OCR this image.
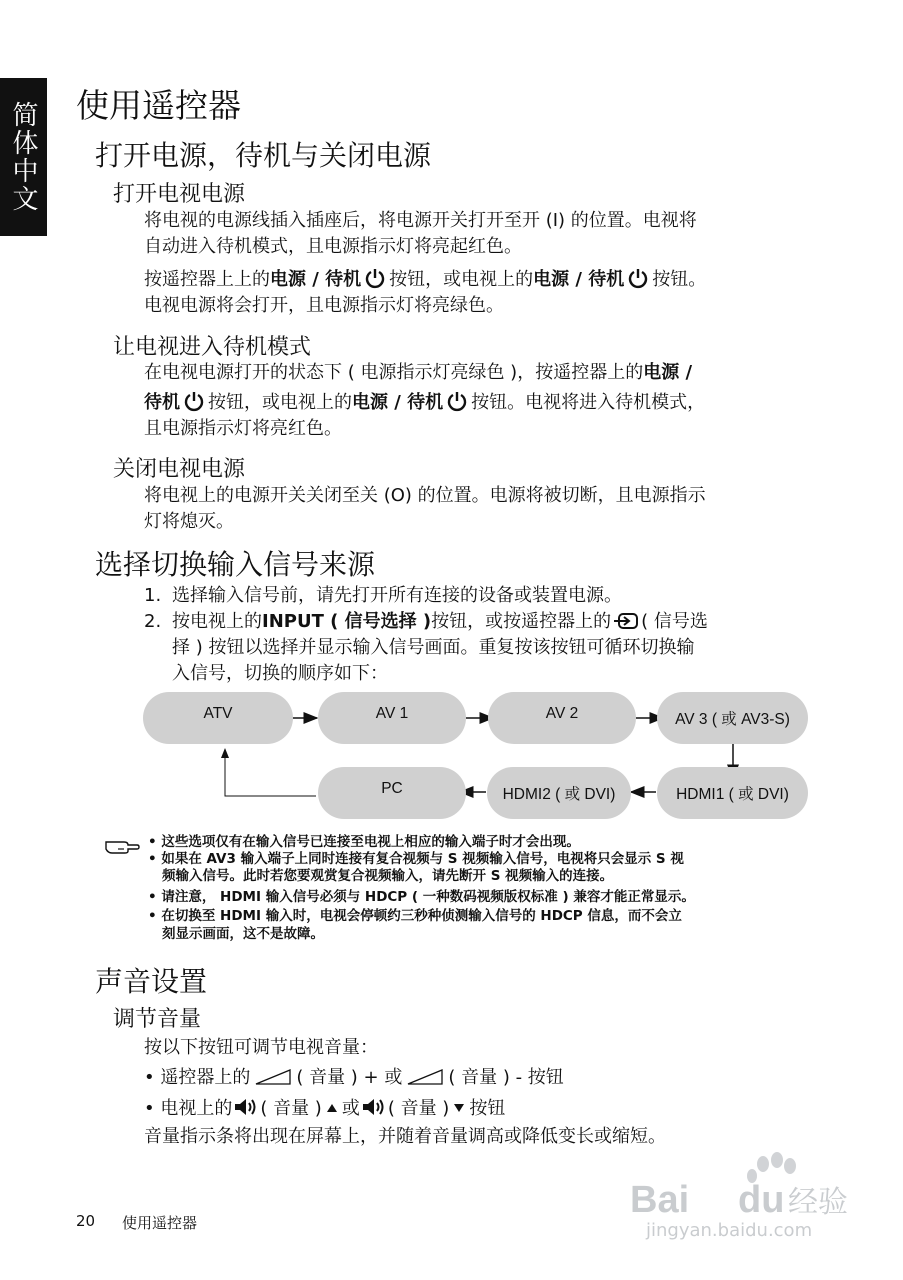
简体中文 使用遥控器
打开电源，待机与关闭电源
打开电视电源
将电视的电源线插入插座后，将电源开关打开至开 (I) 的位置。电视将
自动进入待机模式，且电源指示灯将亮起红色。
按遥控器上上的电源 / 待机 按钮，或电视上的电源 / 待机 按钮。
电视电源将会打开，且电源指示灯将亮绿色。
让电视进入待机模式
在电视电源打开的状态下 ( 电源指示灯亮绿色 )，按遥控器上的电源 /
待机 按钮，或电视上的电源 / 待机 按钮。电视将进入待机模式，
且电源指示灯将亮红色。
关闭电视电源
将电视上的电源开关关闭至关 (O) 的位置。电源将被切断，且电源指示
灯将熄灭。
选择切换输入信号来源
1. 选择输入信号前，请先打开所有连接的设备或装置电源。
2. 按电视上的INPUT ( 信号选择 )按钮，或按遥控器上的 ( 信号选
择 ) 按钮以选择并显示输入信号画面。重复按该按钮可循环切换输
入信号，切换的顺序如下：
ATV	AV 1	AV 2	AV 3 ( 或 AV3-S)
HDMI1 ( 或 DVI)
HDMI2 ( 或 DVI)
PC
• 这些选项仅有在输入信号已连接至电视上相应的输入端子时才会出现。
• 如果在 AV3 输入端子上同时连接有复合视频与 S 视频输入信号，电视将只会显示 S 视
频输入信号。此时若您要观赏复合视频输入，请先断开 S 视频输入的连接。
• 请注意， HDMI 输入信号必须与 HDCP ( 一种数码视频版权标准 ) 兼容才能正常显示。
• 在切换至 HDMI 输入时，电视会停顿约三秒种侦测输入信号的 HDCP 信息，而不会立
刻显示画面，这不是故障。
声音设置
调节音量
按以下按钮可调节电视音量：
• 遥控器上的	( 音量 ) + 或	( 音量 ) - 按钮
• 电视上的 ( 音量 ) 或 ( 音量 ) 按钮
音量指示条将出现在屏幕上，并随着音量调高或降低变长或缩短。
20 使用遥控器
Bai du 经验
jingyan.baidu.com
